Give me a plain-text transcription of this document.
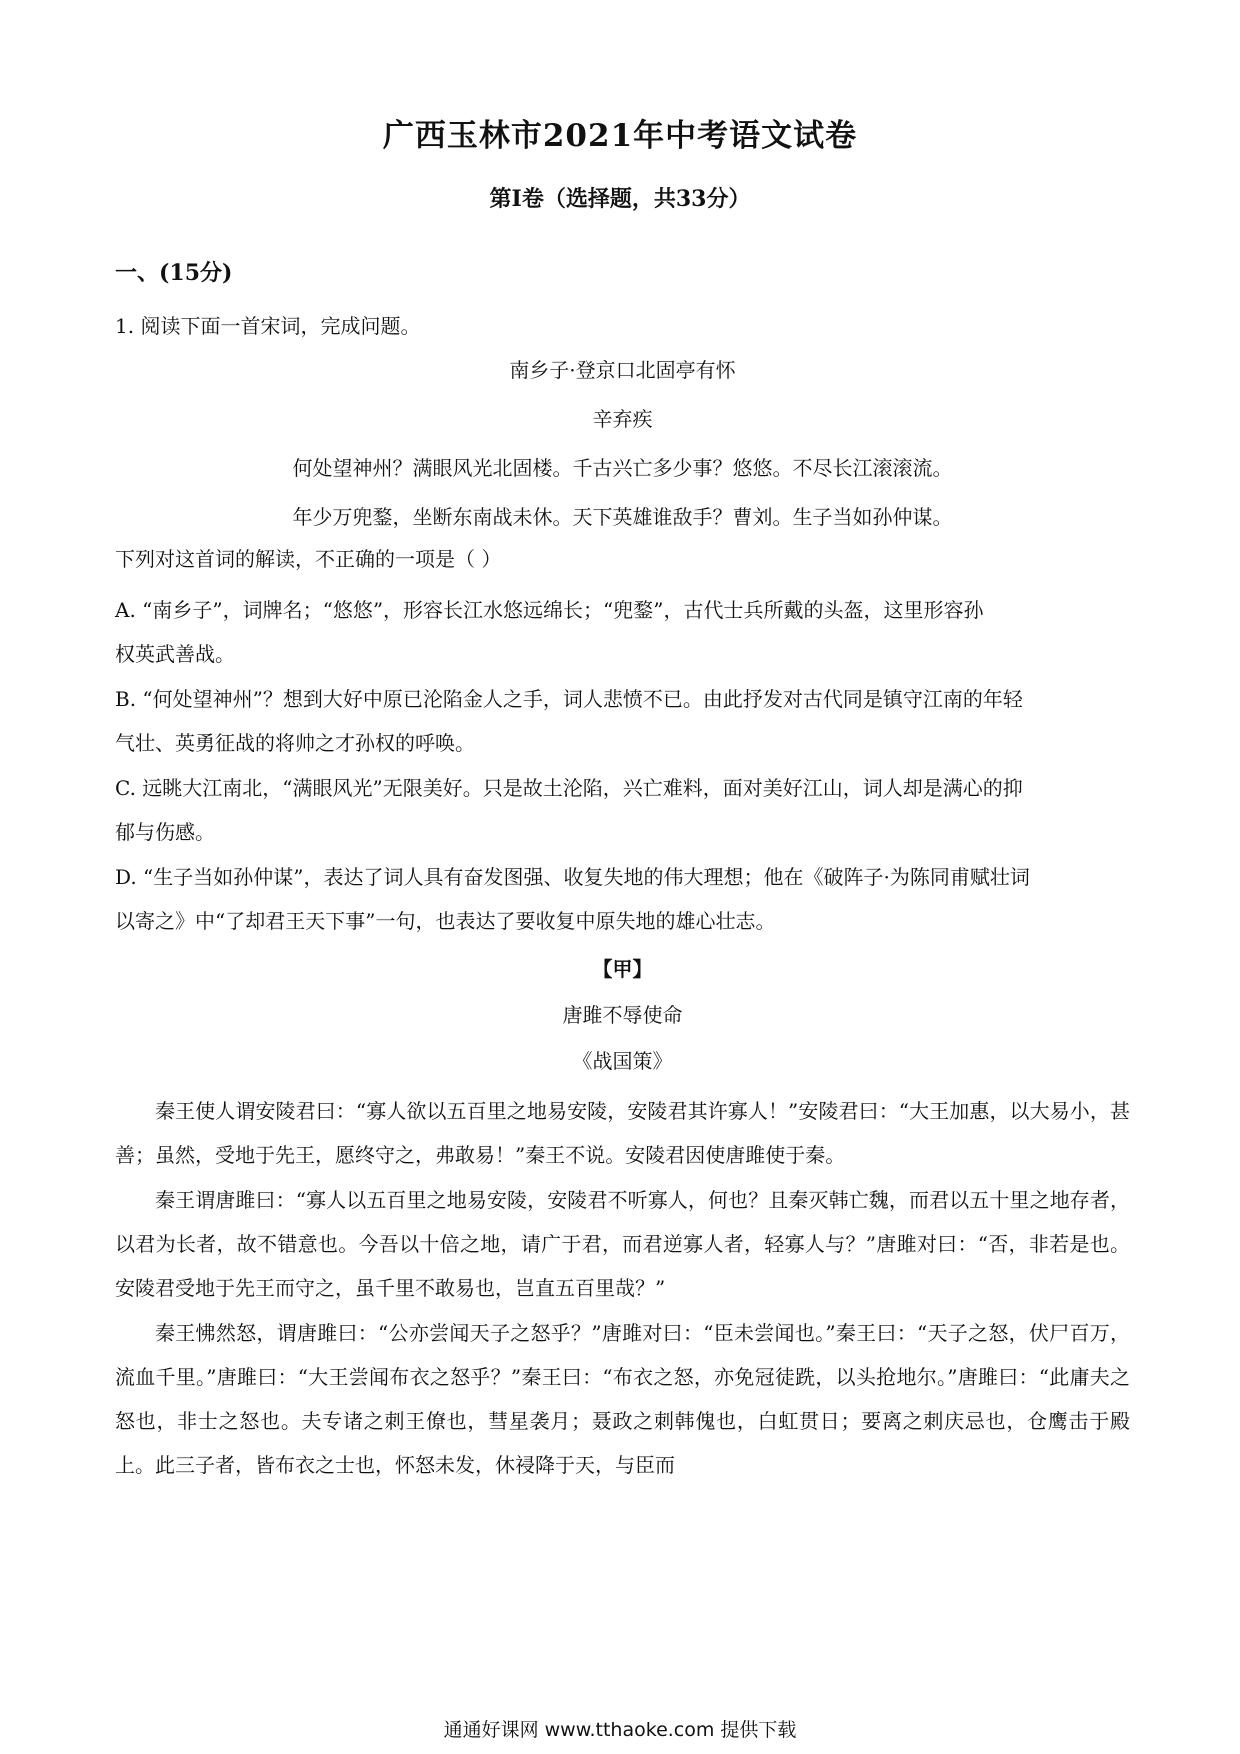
广西玉林市2021年中考语文试卷
第Ⅰ卷（选择题，共33分）
一、(15分)

1. 阅读下面一首宋词，完成问题。

南乡子·登京口北固亭有怀

辛弃疾

何处望神州？满眼风光北固楼。千古兴亡多少事？悠悠。不尽长江滚滚流。

年少万兜鍪，坐断东南战未休。天下英雄谁敌手？曹刘。生子当如孙仲谋。

下列对这首词的解读，不正确的一项是（ ）

A. “南乡子”，词牌名；“悠悠”，形容长江水悠远绵长；“兜鍪”，古代士兵所戴的头盔，这里形容孙

权英武善战。

B. “何处望神州”？想到大好中原已沦陷金人之手，词人悲愤不已。由此抒发对古代同是镇守江南的年轻

气壮、英勇征战的将帅之才孙权的呼唤。

C. 远眺大江南北，“满眼风光”无限美好。只是故土沦陷，兴亡难料，面对美好江山，词人却是满心的抑

郁与伤感。

D. “生子当如孙仲谋”，表达了词人具有奋发图强、收复失地的伟大理想；他在《破阵子·为陈同甫赋壮词

以寄之》中“了却君王天下事”一句，也表达了要收复中原失地的雄心壮志。

【甲】

唐雎不辱使命

《战国策》

秦王使人谓安陵君曰：“寡人欲以五百里之地易安陵，安陵君其许寡人！”安陵君曰：“大王加惠，以大易小，甚善；虽然，受地于先王，愿终守之，弗敢易！”秦王不说。安陵君因使唐雎使于秦。

秦王谓唐雎曰：“寡人以五百里之地易安陵，安陵君不听寡人，何也？且秦灭韩亡魏，而君以五十里之地存者，以君为长者，故不错意也。今吾以十倍之地，请广于君，而君逆寡人者，轻寡人与？”唐雎对曰：“否，非若是也。安陵君受地于先王而守之，虽千里不敢易也，岂直五百里哉？”

秦王怫然怒，谓唐雎曰：“公亦尝闻天子之怒乎？”唐雎对曰：“臣未尝闻也。”秦王曰：“天子之怒，伏尸百万，流血千里。”唐雎曰：“大王尝闻布衣之怒乎？”秦王曰：“布衣之怒，亦免冠徒跣，以头抢地尔。”唐雎曰：“此庸夫之怒也，非士之怒也。夫专诸之刺王僚也，彗星袭月；聂政之刺韩傀也，白虹贯日；要离之刺庆忌也，仓鹰击于殿上。此三子者，皆布衣之士也，怀怒未发，休祲降于天，与臣而

通通好课网 www.tthaoke.com 提供下载
